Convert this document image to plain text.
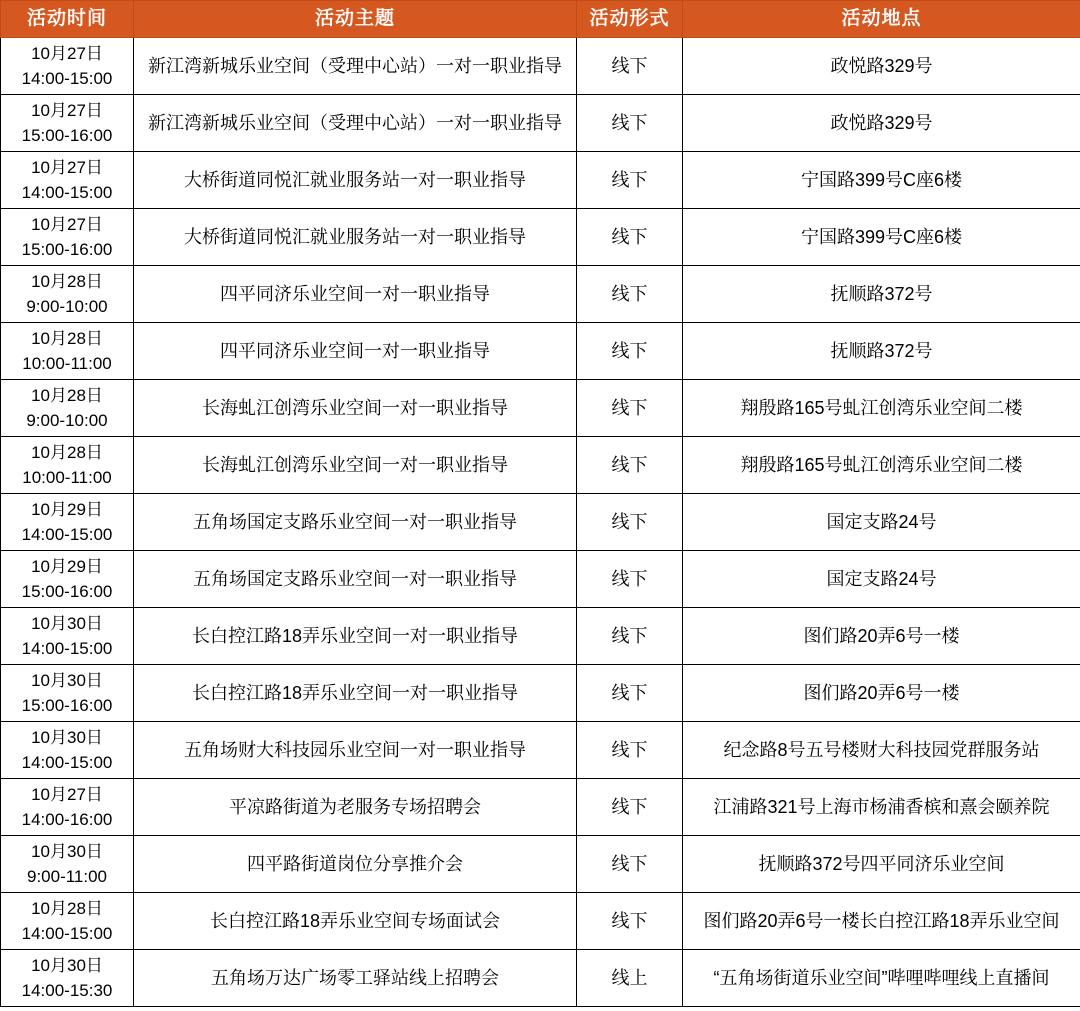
活动时间	活动主题	活动形式	活动地点

10月27日
14:00-15:00	新江湾新城乐业空间（受理中心站）一对一职业指导	线下	政悦路329号

10月27日
15:00-16:00	新江湾新城乐业空间（受理中心站）一对一职业指导	线下	政悦路329号

10月27日
14:00-15:00	大桥街道同悦汇就业服务站一对一职业指导	线下	宁国路399号C座6楼

10月27日
15:00-16:00	大桥街道同悦汇就业服务站一对一职业指导	线下	宁国路399号C座6楼

10月28日
9:00-10:00	四平同济乐业空间一对一职业指导	线下	抚顺路372号

10月28日
10:00-11:00	四平同济乐业空间一对一职业指导	线下	抚顺路372号

10月28日
9:00-10:00	长海虬江创湾乐业空间一对一职业指导	线下	翔殷路165号虬江创湾乐业空间二楼

10月28日
10:00-11:00	长海虬江创湾乐业空间一对一职业指导	线下	翔殷路165号虬江创湾乐业空间二楼

10月29日
14:00-15:00	五角场国定支路乐业空间一对一职业指导	线下	国定支路24号

10月29日
15:00-16:00	五角场国定支路乐业空间一对一职业指导	线下	国定支路24号

10月30日
14:00-15:00	长白控江路18弄乐业空间一对一职业指导	线下	图们路20弄6号一楼

10月30日
15:00-16:00	长白控江路18弄乐业空间一对一职业指导	线下	图们路20弄6号一楼

10月30日
14:00-15:00	五角场财大科技园乐业空间一对一职业指导	线下	纪念路8号五号楼财大科技园党群服务站

10月27日
14:00-16:00	平凉路街道为老服务专场招聘会	线下	江浦路321号上海市杨浦香槟和熹会颐养院

10月30日
9:00-11:00	四平路街道岗位分享推介会	线下	抚顺路372号四平同济乐业空间

10月28日
14:00-15:00	长白控江路18弄乐业空间专场面试会	线下	图们路20弄6号一楼长白控江路18弄乐业空间

10月30日
14:00-15:30	五角场万达广场零工驿站线上招聘会	线上	“五角场街道乐业空间”哔哩哔哩线上直播间
